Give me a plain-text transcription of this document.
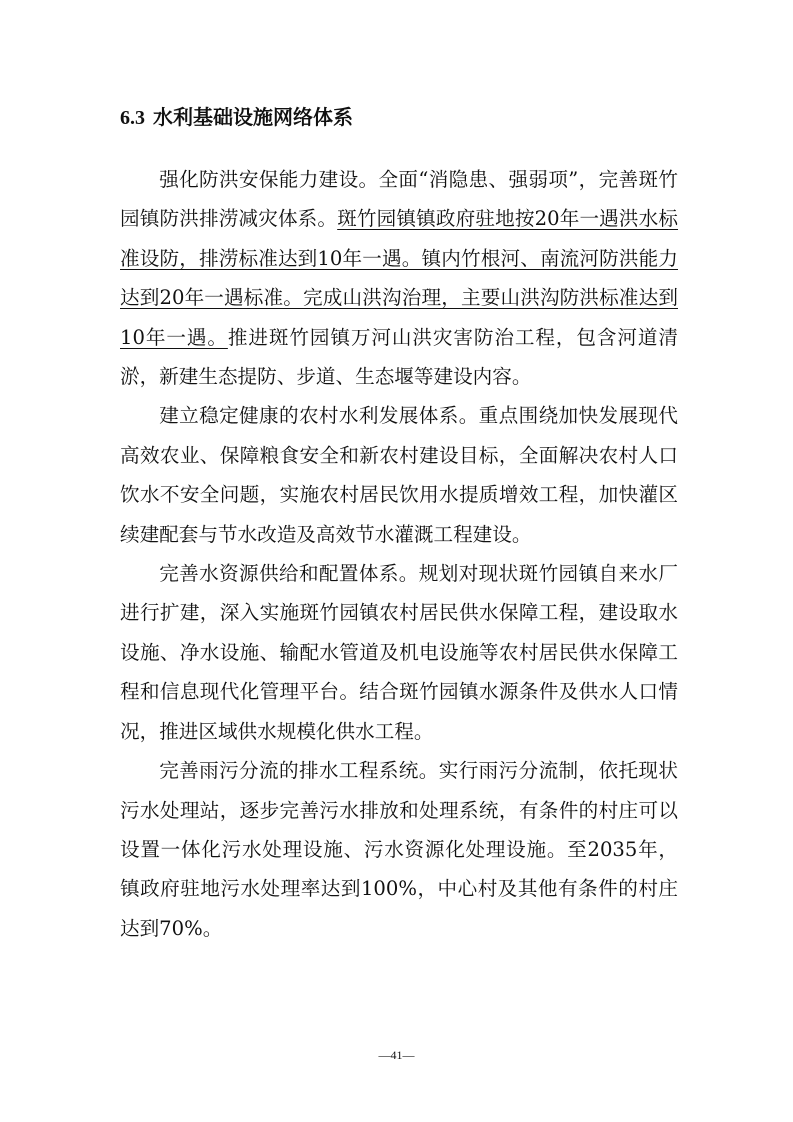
6.3 水利基础设施网络体系

强化防洪安保能力建设。全面“消隐患、强弱项”，完善斑竹园镇防洪排涝减灾体系。斑竹园镇镇政府驻地按20年一遇洪水标准设防，排涝标准达到10年一遇。镇内竹根河、南流河防洪能力达到20年一遇标准。完成山洪沟治理，主要山洪沟防洪标准达到10年一遇。推进斑竹园镇万河山洪灾害防治工程，包含河道清淤，新建生态提防、步道、生态堰等建设内容。

建立稳定健康的农村水利发展体系。重点围绕加快发展现代高效农业、保障粮食安全和新农村建设目标，全面解决农村人口饮水不安全问题，实施农村居民饮用水提质增效工程，加快灌区续建配套与节水改造及高效节水灌溉工程建设。

完善水资源供给和配置体系。规划对现状斑竹园镇自来水厂进行扩建，深入实施斑竹园镇农村居民供水保障工程，建设取水设施、净水设施、输配水管道及机电设施等农村居民供水保障工程和信息现代化管理平台。结合斑竹园镇水源条件及供水人口情况，推进区域供水规模化供水工程。

完善雨污分流的排水工程系统。实行雨污分流制，依托现状污水处理站，逐步完善污水排放和处理系统，有条件的村庄可以设置一体化污水处理设施、污水资源化处理设施。至2035年，镇政府驻地污水处理率达到100%，中心村及其他有条件的村庄达到70%。

—41—
